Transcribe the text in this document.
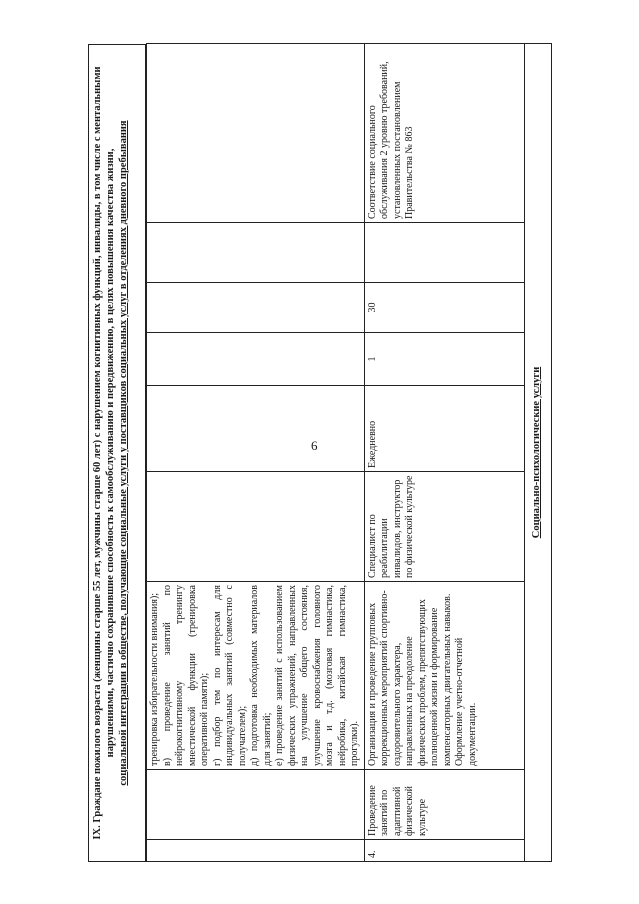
6
IX. Граждане пожилого возраста (женщины старше 55 лет, мужчины старше 60 лет) с нарушением когнитивных функций, инвалиды, в том числе с ментальными нарушениями, частично сохранившие способность к самообслуживанию и передвижению, в целях повышения качества жизни, социальной интеграции в обществе, получающие социальные услуги у поставщиков социальных услуг в отделениях дневного пребывания

		тренировка избирательности внимания); в) проведение занятий по нейрокогнитивному тренингу мнестической функции (тренировка оперативной памяти); г) подбор тем по интересам для индивидуальных занятий (совместно с получателем); д) подготовка необходимых материалов для занятий; е) проведение занятий с использованием физических упражнений, направленных на улучшение общего состояния, улучшение кровоснабжения головного мозга и т.д. (мозговая гимнастика, нейробика, китайская гимнастика, прогулки).						

4.	Проведение занятий по адаптивной физической культуре	Организация и проведение групповых коррекционных мероприятий спортивно-оздоровительного характера, направленных на преодоление физических проблем, препятствующих полноценной жизни и формирование компенсаторных двигательных навыков. Оформление учетно-отчетной документации.	Специалист по реабилитации инвалидов, инструктор по физической культуре	Ежедневно	1	30		Соответствие социального обслуживания 2 уровню требований, установленных постановлением Правительства № 863
Социально-психологические услуги								
